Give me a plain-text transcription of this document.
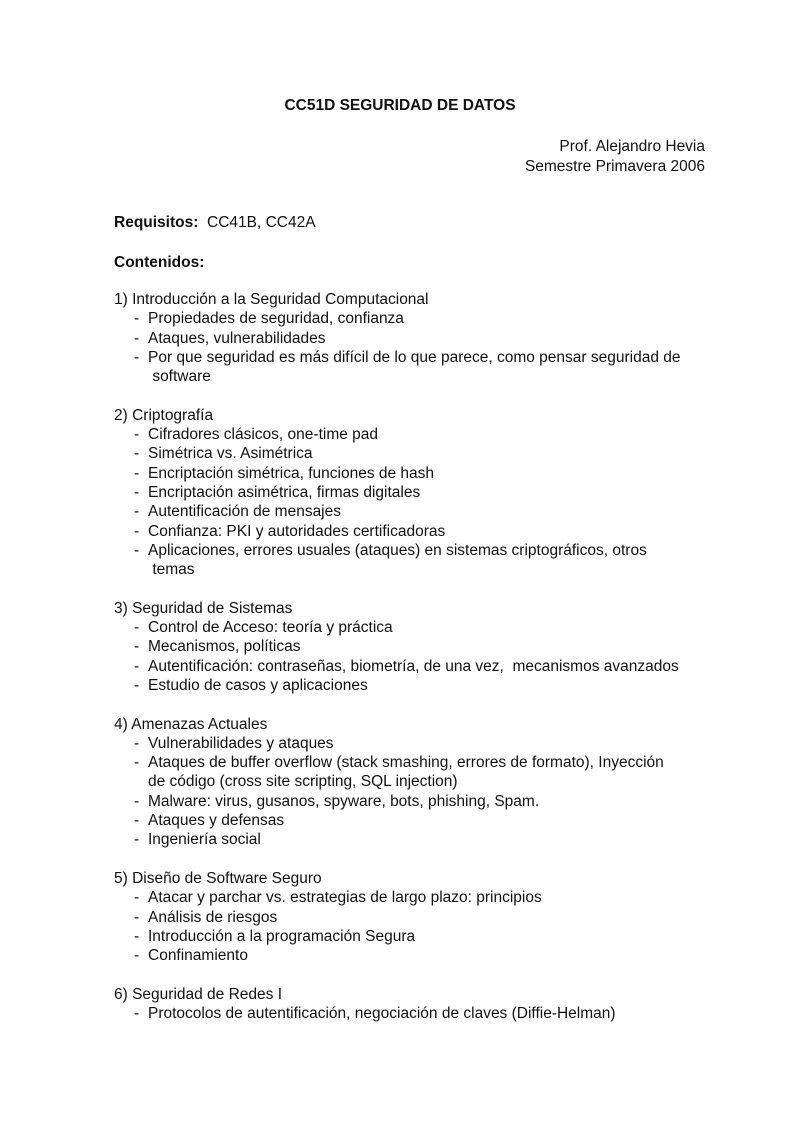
CC51D SEGURIDAD DE DATOS
Prof. Alejandro Hevia
Semestre Primavera 2006
Requisitos: CC41B, CC42A
Contenidos:
1) Introducción a la Seguridad Computacional
- Propiedades de seguridad, confianza
- Ataques, vulnerabilidades
- Por que seguridad es más difícil de lo que parece, como pensar seguridad de
software
2) Criptografía
- Cifradores clásicos, one-time pad
- Simétrica vs. Asimétrica
- Encriptación simétrica, funciones de hash
- Encriptación asimétrica, firmas digitales
- Autentificación de mensajes
- Confianza: PKI y autoridades certificadoras
- Aplicaciones, errores usuales (ataques) en sistemas criptográficos, otros
temas
3) Seguridad de Sistemas
- Control de Acceso: teoría y práctica
- Mecanismos, políticas
- Autentificación: contraseñas, biometría, de una vez,  mecanismos avanzados
- Estudio de casos y aplicaciones
4) Amenazas Actuales
- Vulnerabilidades y ataques
- Ataques de buffer overflow (stack smashing, errores de formato), Inyección
de código (cross site scripting, SQL injection)
- Malware: virus, gusanos, spyware, bots, phishing, Spam.
- Ataques y defensas
- Ingeniería social
5) Diseño de Software Seguro
- Atacar y parchar vs. estrategias de largo plazo: principios
- Análisis de riesgos
- Introducción a la programación Segura
- Confinamiento
6) Seguridad de Redes I
- Protocolos de autentificación, negociación de claves (Diffie-Helman)
